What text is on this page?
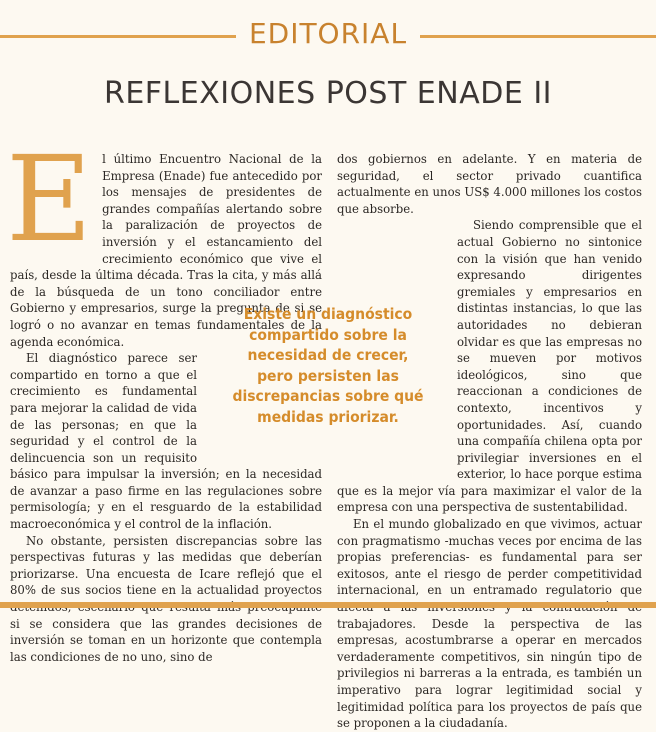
EDITORIAL
REFLEXIONES POST ENADE II
E l último Encuentro Nacional de la Empresa (Enade) fue antecedido por los mensajes de presidentes de grandes compañías alertando sobre la paralización de proyectos de inversión y el estancamiento del crecimiento económico que vive el país, desde la última década. Tras la cita, y más allá de la búsqueda de un tono conciliador entre Gobierno y empresarios, surge la pregunta de si se logró o no avanzar en temas fundamentales de la agenda económica.

El diagnóstico parece ser compartido en torno a que el crecimiento es fundamental para mejorar la calidad de vida de las personas; en que la seguridad y el control de la delincuencia son un requisito básico para impulsar la inversión; en la necesidad de avanzar a paso firme en las regulaciones sobre permisología; y en el resguardo de la estabilidad macroeconómica y el control de la inflación.

No obstante, persisten discrepancias sobre las perspectivas futuras y las medidas que deberían priorizarse. Una encuesta de Icare reflejó que el 80% de sus socios tiene en la actualidad proyectos si se considera que las grandes decisiones de inversión se toman en un horizonte que contempla las condiciones de no uno, sino de

dos gobiernos en adelante. Y en materia de seguridad, el sector privado cuantifica actualmente en unos US$ 4.000 millones los costos que absorbe.

Siendo comprensible que el actual Gobierno no sintonice con la visión que han venido expresando dirigentes gremiales y empresarios en distintas instancias, lo que las autoridades no debieran olvidar es que las empresas no se mueven por motivos ideológicos, sino que reaccionan a condiciones de contexto, incentivos y oportunidades. Así, cuando una compañía chilena opta por privilegiar inversiones en el exterior, lo hace porque estima que es la mejor vía para maximizar el valor de la empresa con una perspectiva de sustentabilidad.

En el mundo globalizado en que vivimos, actuar con pragmatismo -muchas veces por encima de las propias preferencias- es fundamental para ser exitosos, ante el riesgo de perder competitividad internacional, en un entramado regulatorio que trabajadores. Desde la perspectiva de las empresas, acostumbrarse a operar en mercados verdaderamente competitivos, sin ningún tipo de privilegios ni barreras a la entrada, es también un imperativo para lograr legitimidad social y legitimidad política para los proyectos de país que se proponen a la ciudadanía.

Existe un diagnóstico compartido sobre la necesidad de crecer, pero persisten las discrepancias sobre qué medidas priorizar.
